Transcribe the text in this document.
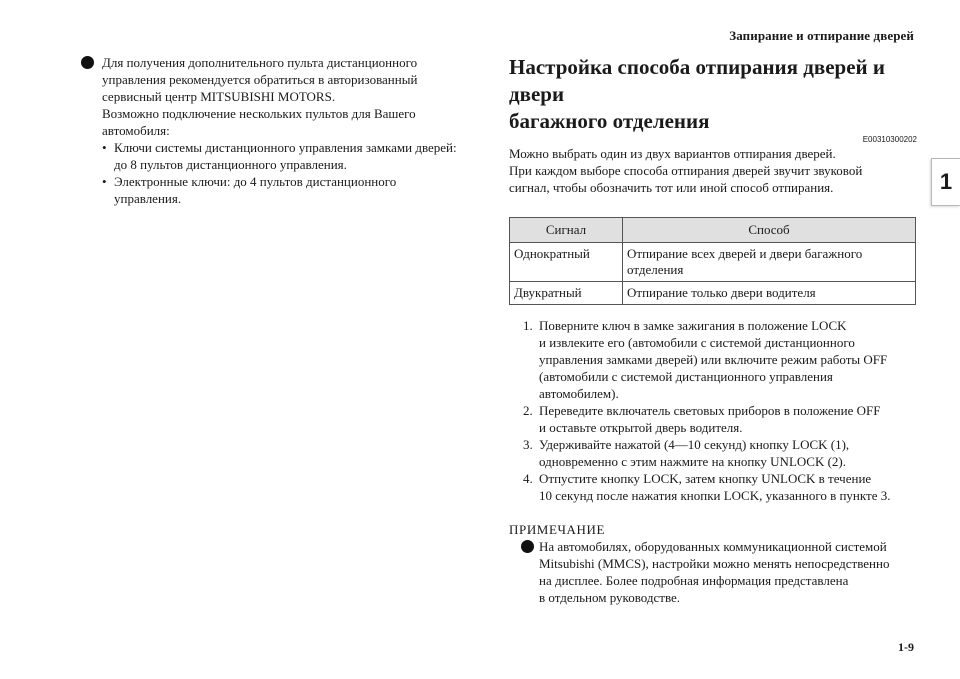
Запирание и отпирание дверей
1

Для получения дополнительного пульта дистанционного
управления рекомендуется обратиться в авторизованный
сервисный центр MITSUBISHI MOTORS.
Возможно подключение нескольких пультов для Вашего
автомобиля:

• Ключи системы дистанционного управления замками дверей:
до 8 пультов дистанционного управления.
• Электронные ключи: до 4 пультов дистанционного
управления.
Настройка способа отпирания дверей и двери
багажного отделения
E00310300202

Можно выбрать один из двух вариантов отпирания дверей.
При каждом выборе способа отпирания дверей звучит звуковой
сигнал, чтобы обозначить тот или иной способ отпирания.

Сигнал	Способ
Однократный	Отпирание всех дверей и двери багажного
отделения
Двукратный	Отпирание только двери водителя
1. Поверните ключ в замке зажигания в положение LOCK
и извлеките его (автомобили с системой дистанционного
управления замками дверей) или включите режим работы OFF
(автомобили с системой дистанционного управления
автомобилем).
2. Переведите включатель световых приборов в положение OFF
и оставьте открытой дверь водителя.
3. Удерживайте нажатой (4—10 секунд) кнопку LOCK (1),
одновременно с этим нажмите на кнопку UNLOCK (2).
4. Отпустите кнопку LOCK, затем кнопку UNLOCK в течение
10 секунд после нажатия кнопки LOCK, указанного в пункте 3.
ПРИМЕЧАНИЕ
На автомобилях, оборудованных коммуникационной системой
Mitsubishi (MMCS), настройки можно менять непосредственно
на дисплее. Более подробная информация представлена
в отдельном руководстве.
1-9
